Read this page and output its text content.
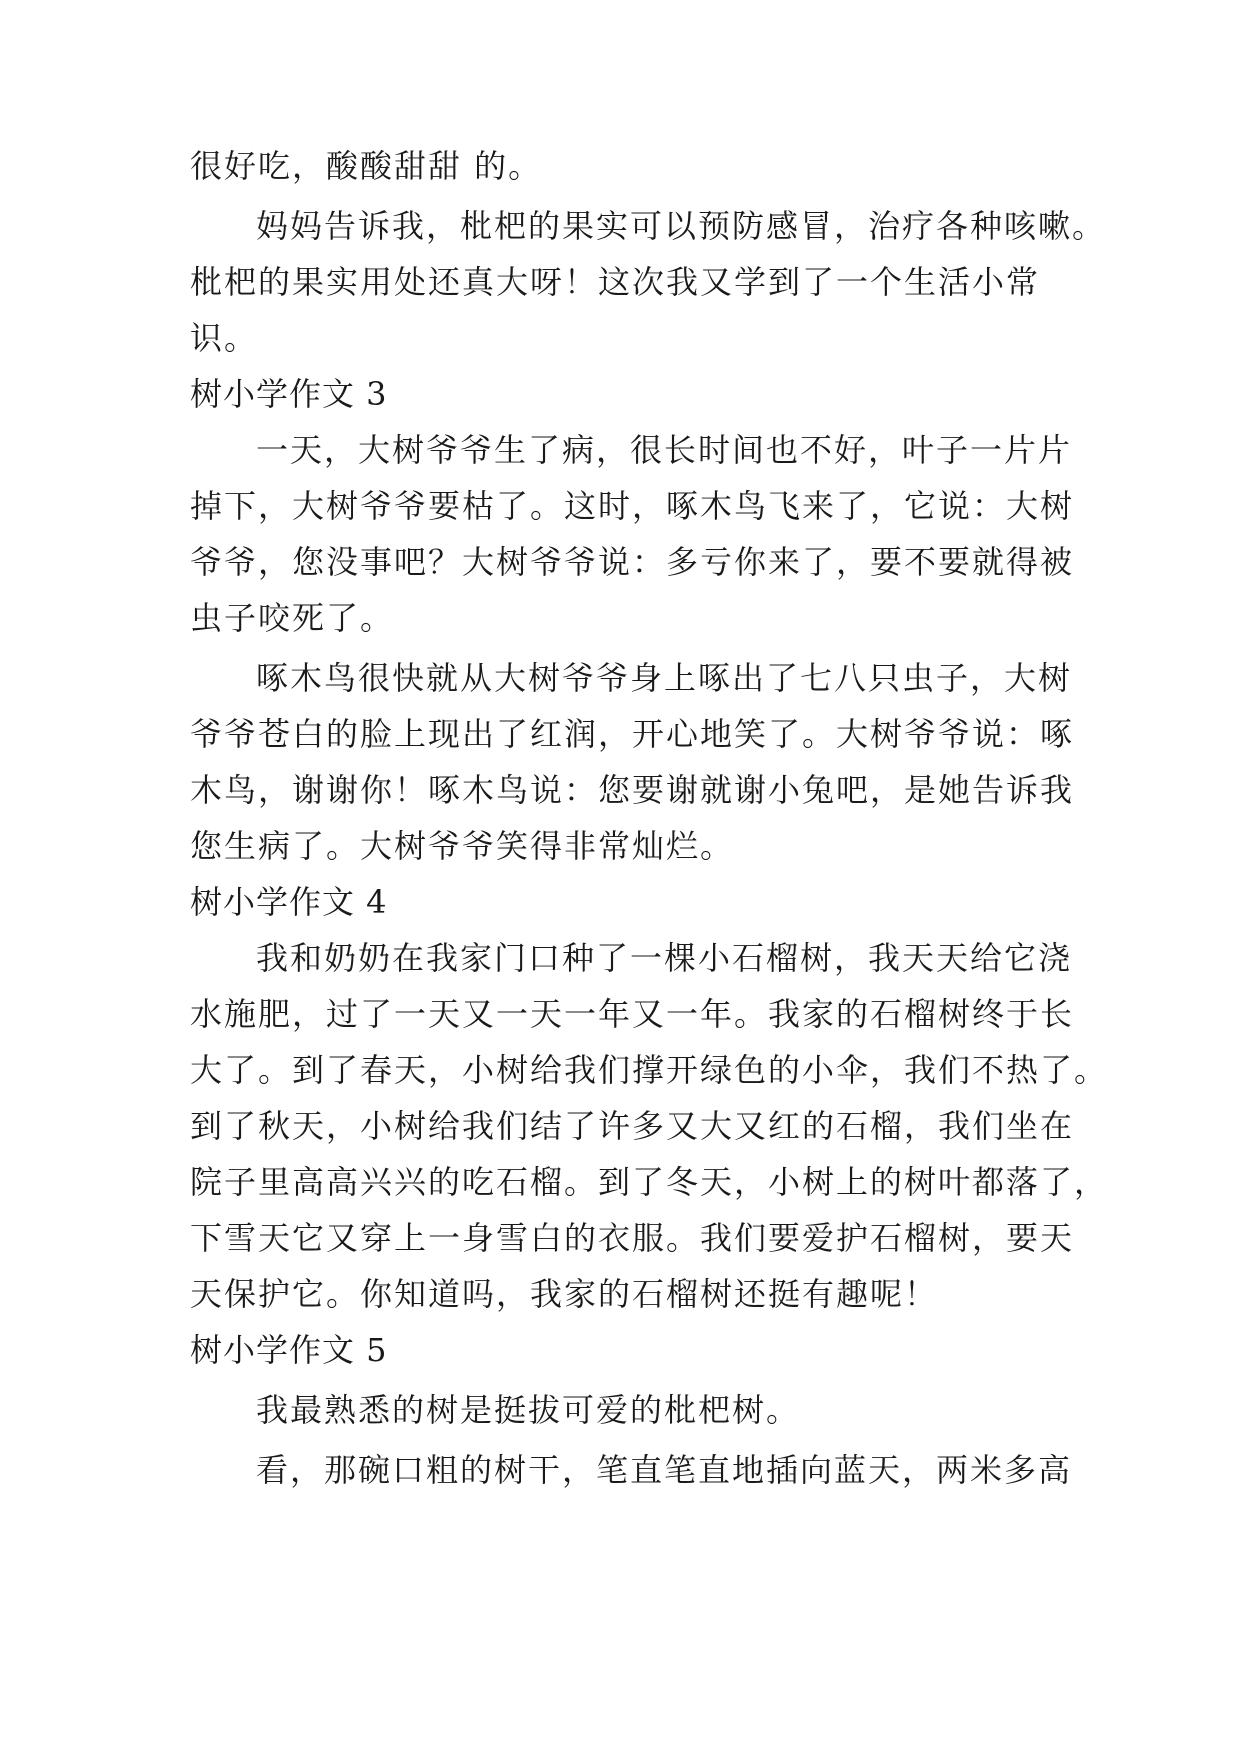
很好吃，酸酸甜甜 的。
妈妈告诉我，枇杷的果实可以预防感冒，治疗各种咳嗽。
枇杷的果实用处还真大呀！这次我又学到了一个生活小常
识。
树小学作文 3
一天，大树爷爷生了病，很长时间也不好，叶子一片片
掉下，大树爷爷要枯了。这时，啄木鸟飞来了，它说：大树
爷爷，您没事吧？大树爷爷说：多亏你来了，要不要就得被
虫子咬死了。
啄木鸟很快就从大树爷爷身上啄出了七八只虫子，大树
爷爷苍白的脸上现出了红润，开心地笑了。大树爷爷说：啄
木鸟，谢谢你！啄木鸟说：您要谢就谢小兔吧，是她告诉我
您生病了。大树爷爷笑得非常灿烂。
树小学作文 4
我和奶奶在我家门口种了一棵小石榴树，我天天给它浇
水施肥，过了一天又一天一年又一年。我家的石榴树终于长
大了。到了春天，小树给我们撑开绿色的小伞，我们不热了。
到了秋天，小树给我们结了许多又大又红的石榴，我们坐在
院子里高高兴兴的吃石榴。到了冬天，小树上的树叶都落了，
下雪天它又穿上一身雪白的衣服。我们要爱护石榴树，要天
天保护它。你知道吗，我家的石榴树还挺有趣呢！
树小学作文 5
我最熟悉的树是挺拔可爱的枇杷树。
看，那碗口粗的树干，笔直笔直地插向蓝天，两米多高
